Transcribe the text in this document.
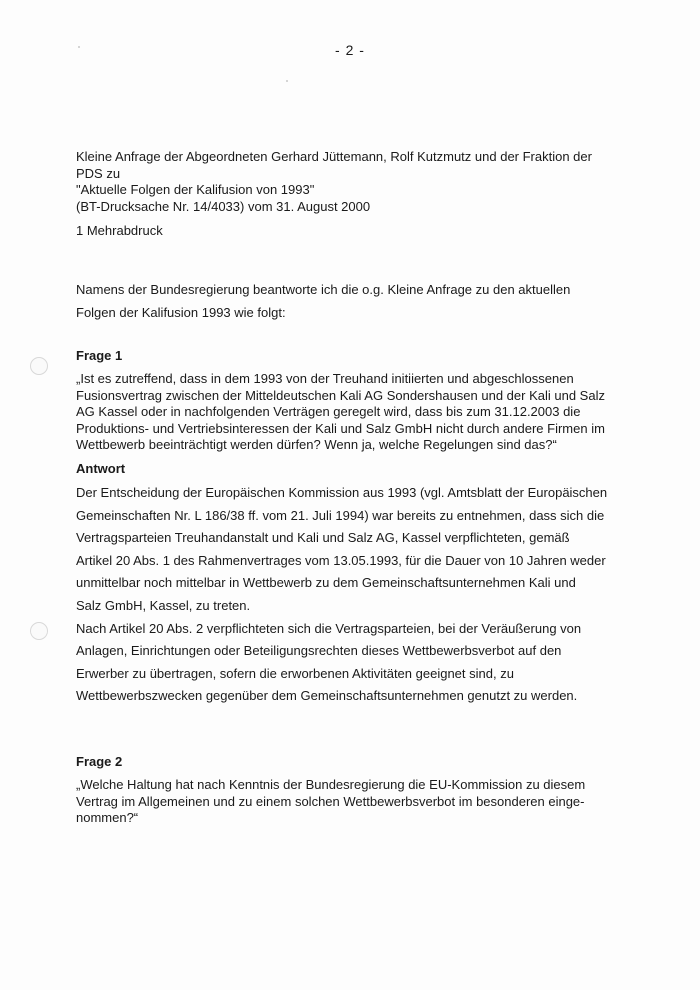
- 2 -
Kleine Anfrage der Abgeordneten Gerhard Jüttemann, Rolf Kutzmutz und der Fraktion der
PDS zu
"Aktuelle Folgen der Kalifusion von 1993"
(BT-Drucksache Nr. 14/4033) vom 31. August 2000
1 Mehrabdruck
Namens der Bundesregierung beantworte ich die o.g. Kleine Anfrage zu den aktuellen
Folgen der Kalifusion 1993 wie folgt:
Frage 1
„Ist es zutreffend, dass in dem 1993 von der Treuhand initiierten und abgeschlossenen
Fusionsvertrag zwischen der Mitteldeutschen Kali AG Sondershausen und der Kali und Salz
AG Kassel oder in nachfolgenden Verträgen geregelt wird, dass bis zum 31.12.2003 die
Produktions- und Vertriebsinteressen der Kali und Salz GmbH nicht durch andere Firmen im
Wettbewerb beeinträchtigt werden dürfen? Wenn ja, welche Regelungen sind das?“
Antwort
Der Entscheidung der Europäischen Kommission aus 1993 (vgl. Amtsblatt der Europäischen
Gemeinschaften Nr. L 186/38 ff. vom 21. Juli 1994) war bereits zu entnehmen, dass sich die
Vertragsparteien Treuhandanstalt und Kali und Salz AG, Kassel verpflichteten, gemäß
Artikel 20 Abs. 1 des Rahmenvertrages vom 13.05.1993, für die Dauer von 10 Jahren weder
unmittelbar noch mittelbar in Wettbewerb zu dem Gemeinschaftsunternehmen Kali und
Salz GmbH, Kassel, zu treten.
Nach Artikel 20 Abs. 2 verpflichteten sich die Vertragsparteien, bei der Veräußerung von
Anlagen, Einrichtungen oder Beteiligungsrechten dieses Wettbewerbsverbot auf den
Erwerber zu übertragen, sofern die erworbenen Aktivitäten geeignet sind, zu
Wettbewerbszwecken gegenüber dem Gemeinschaftsunternehmen genutzt zu werden.
Frage 2
„Welche Haltung hat nach Kenntnis der Bundesregierung die EU-Kommission zu diesem
Vertrag im Allgemeinen und zu einem solchen Wettbewerbsverbot im besonderen einge-
nommen?“
